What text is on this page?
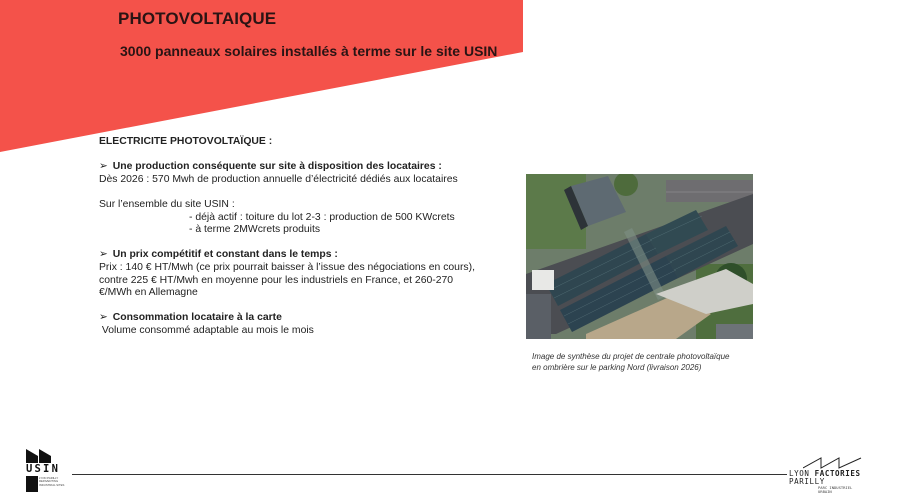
PHOTOVOLTAIQUE
3000 panneaux solaires installés à terme sur le site USIN
ELECTRICITE PHOTOVOLTAÏQUE :
➢ Une production conséquente sur site à disposition des locataires :
Dès 2026 : 570 Mwh de production annuelle d’électricité dédiés aux locataires
Sur l’ensemble du site USIN :
- déjà actif : toiture du lot 2-3 : production de 500 KWcrets
- à terme 2MWcrets produits
➢ Un prix compétitif et constant dans le temps :
Prix : 140 € HT/Mwh (ce prix pourrait baisser à l’issue des négociations en cours),
contre 225 € HT/Mwh en moyenne pour les industriels en France, et 260-270
€/MWh en Allemagne
➢ Consommation locataire à la carte
Volume consommé adaptable au mois le mois
Image de synthèse du projet de centrale photovoltaïque
en ombrière sur le parking Nord (livraison 2026)
USIN
LYON PARILLY
REINVENTING
INDUSTRIAL SITES
LYON FACTORIES
PARILLY
PARC INDUSTRIEL
URBAIN
